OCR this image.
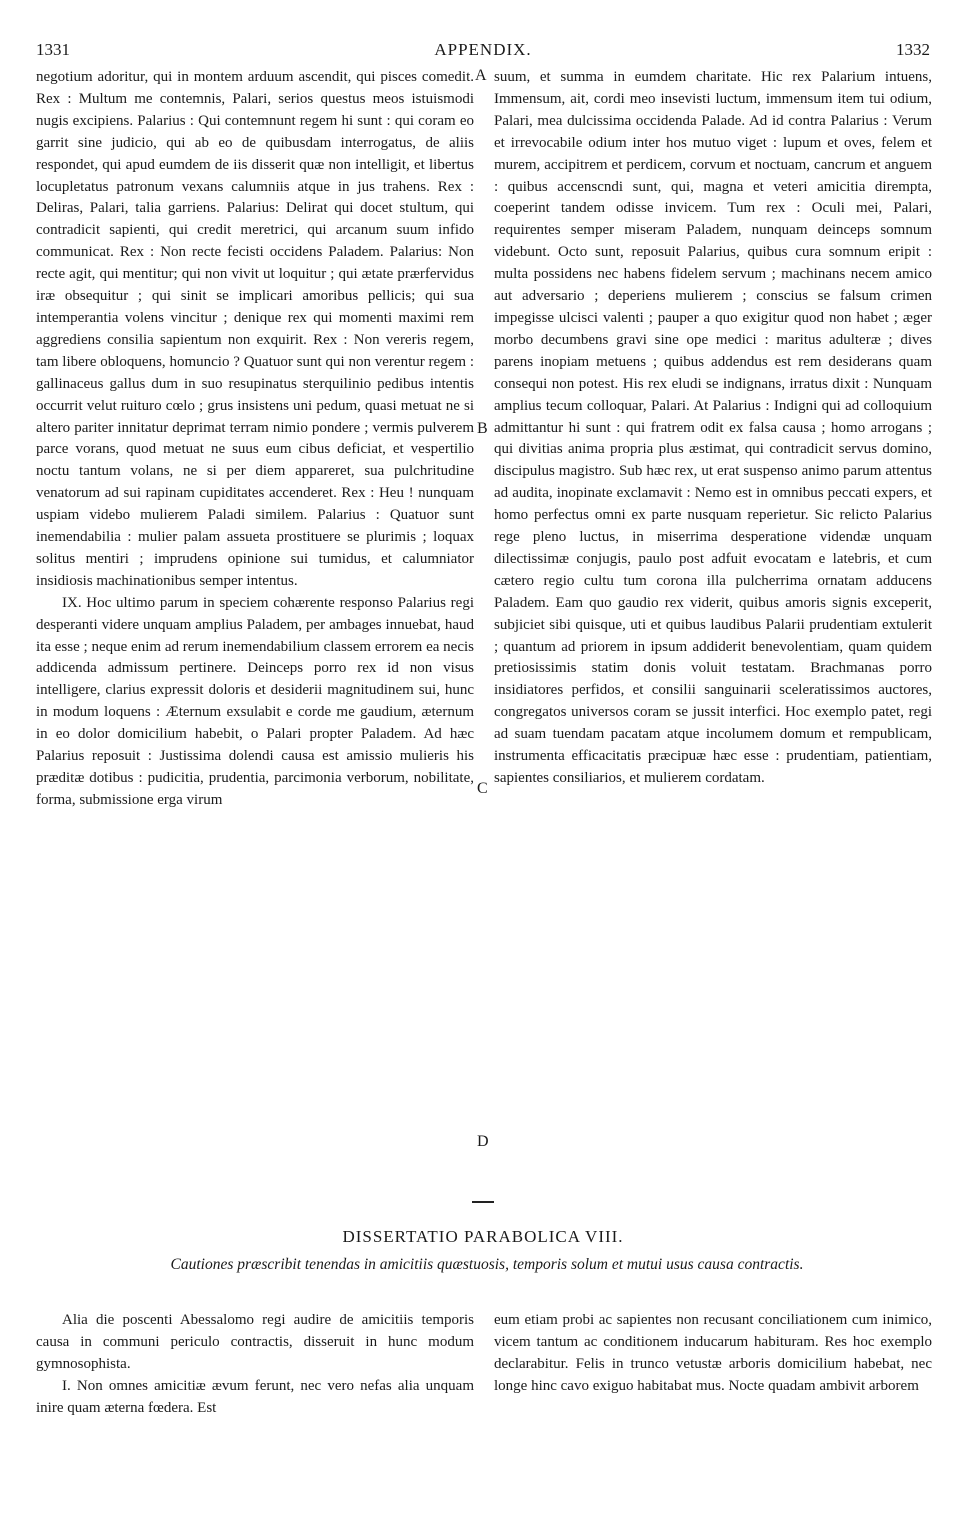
1331	APPENDIX.	1332

negotium adoritur, qui in montem arduum ascendit, qui pisces comedit. Rex : Multum me contemnis, Palari, serios questus meos istuismodi nugis excipiens. Palarius : Qui contemnunt regem hi sunt : qui coram eo garrit sine judicio, qui ab eo de quibusdam interrogatus, de aliis respondet, qui apud eumdem de iis disserit quæ non intelligit, et libertus locupletatus patronum vexans calumniis atque in jus trahens. Rex : Deliras, Palari, talia garriens. Palarius: Delirat qui docet stultum, qui contradicit sapienti, qui credit meretrici, qui arcanum suum infido communicat. Rex : Non recte fecisti occidens Paladem. Palarius: Non recte agit, qui mentitur; qui non vivit ut loquitur ; qui ætate prærfervidus iræ obsequitur ; qui sinit se implicari amoribus pellicis; qui sua intemperantia volens vincitur ; denique rex qui momenti maximi rem aggrediens consilia sapientum non exquirit. Rex : Non vereris regem, tam libere obloquens, homuncio ? Quatuor sunt qui non verentur regem : gallinaceus gallus dum in suo resupinatus sterquilinio pedibus intentis occurrit velut ruituro cœlo ; grus insistens uni pedum, quasi metuat ne si altero pariter innitatur deprimat terram nimio pondere ; vermis pulverem parce vorans, quod metuat ne suus eum cibus deficiat, et vespertilio noctu tantum volans, ne si per diem appareret, sua pulchritudine venatorum ad sui rapinam cupiditates accenderet. Rex : Heu ! nunquam uspiam videbo mulierem Paladi similem. Palarius : Quatuor sunt inemendabilia : mulier palam assueta prostituere se plurimis ; loquax solitus mentiri ; imprudens opinione sui tumidus, et calumniator insidiosis machinationibus semper intentus.

IX. Hoc ultimo parum in speciem cohærente responso Palarius regi desperanti videre unquam amplius Paladem, per ambages innuebat, haud ita esse ; neque enim ad rerum inemendabilium classem errorem ea necis addicenda admissum pertinere. Deinceps porro rex id non visus intelligere, clarius expressit doloris et desiderii magnitudinem sui, hunc in modum loquens : Æternum exsulabit e corde me gaudium, æternum in eo dolor domicilium habebit, o Palari propter Paladem. Ad hæc Palarius reposuit : Justissima dolendi causa est amissio mulieris his præditæ dotibus : pudicitia, prudentia, parcimonia verborum, nobilitate, forma, submissione erga virum

A
B
C
D

suum, et summa in eumdem charitate. Hic rex Palarium intuens, Immensum, ait, cordi meo insevisti luctum, immensum item tui odium, Palari, mea dulcissima occidenda Palade. Ad id contra Palarius : Verum et irrevocabile odium inter hos mutuo viget : lupum et oves, felem et murem, accipitrem et perdicem, corvum et noctuam, cancrum et anguem : quibus accenscndi sunt, qui, magna et veteri amicitia dirempta, coeperint tandem odisse invicem. Tum rex : Oculi mei, Palari, requirentes semper miseram Paladem, nunquam deinceps somnum videbunt. Octo sunt, reposuit Palarius, quibus cura somnum eripit : multa possidens nec habens fidelem servum ; machinans necem amico aut adversario ; deperiens mulierem ; conscius se falsum crimen impegisse ulcisci valenti ; pauper a quo exigitur quod non habet ; æger morbo decumbens gravi sine ope medici : maritus adulteræ ; dives parens inopiam metuens ; quibus addendus est rem desiderans quam consequi non potest. His rex eludi se indignans, irratus dixit : Nunquam amplius tecum colloquar, Palari. At Palarius : Indigni qui ad colloquium admittantur hi sunt : qui fratrem odit ex falsa causa ; homo arrogans ; qui divitias anima propria plus æstimat, qui contradicit servus domino, discipulus magistro. Sub hæc rex, ut erat suspenso animo parum attentus ad audita, inopinate exclamavit : Nemo est in omnibus peccati expers, et homo perfectus omni ex parte nusquam reperietur. Sic relicto Palarius rege pleno luctus, in miserrima desperatione videndæ unquam dilectissimæ conjugis, paulo post adfuit evocatam e latebris, et cum cætero regio cultu tum corona illa pulcherrima ornatam adducens Paladem. Eam quo gaudio rex viderit, quibus amoris signis exceperit, subjiciet sibi quisque, uti et quibus laudibus Palarii prudentiam extulerit ; quantum ad priorem in ipsum addiderit benevolentiam, quam quidem pretiosissimis statim donis voluit testatam. Brachmanas porro insidiatores perfidos, et consilii sanguinarii sceleratissimos auctores, congregatos universos coram se jussit interfici. Hoc exemplo patet, regi ad suam tuendam pacatam atque incolumem domum et rempublicam, instrumenta efficacitatis præcipuæ hæc esse : prudentiam, patientiam, sapientes consiliarios, et mulierem cordatam.

DISSERTATIO PARABOLICA VIII.
Cautiones præscribit tenendas in amicitiis quæstuosis, temporis solum et mutui usus causa contractis.

Alia die poscenti Abessalomo regi audire de amicitiis temporis causa in communi periculo contractis, disseruit in hunc modum gymnosophista.

I. Non omnes amicitiæ ævum ferunt, nec vero nefas alia unquam inire quam æterna fœdera. Est

eum etiam probi ac sapientes non recusant conciliationem cum inimico, vicem tantum ac conditionem inducarum habituram. Res hoc exemplo declarabitur. Felis in trunco vetustæ arboris domicilium habebat, nec longe hinc cavo exiguo habitabat mus. Nocte quadam ambivit arborem
